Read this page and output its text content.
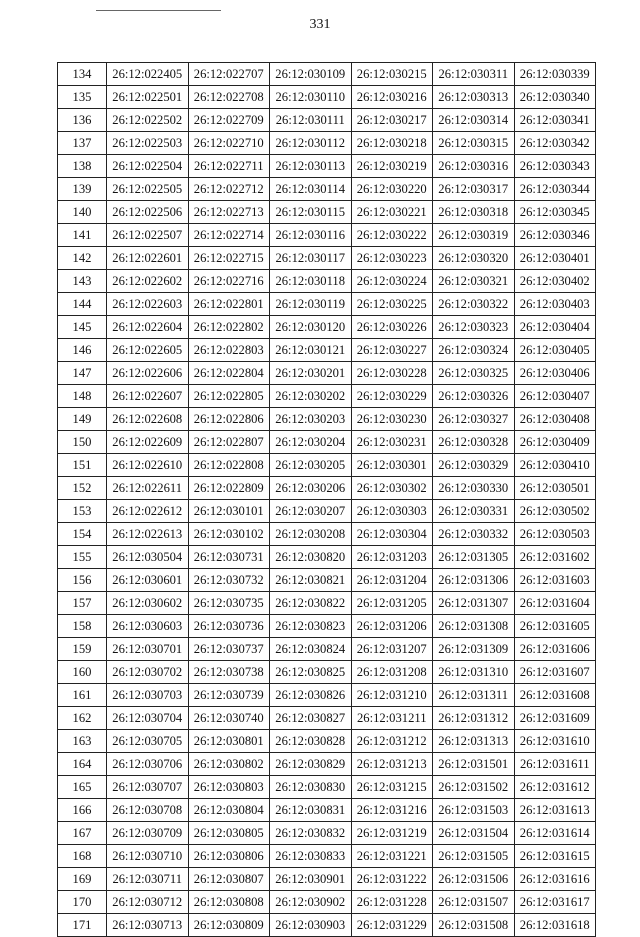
331
134	26:12:022405	26:12:022707	26:12:030109	26:12:030215	26:12:030311	26:12:030339
135	26:12:022501	26:12:022708	26:12:030110	26:12:030216	26:12:030313	26:12:030340
136	26:12:022502	26:12:022709	26:12:030111	26:12:030217	26:12:030314	26:12:030341
137	26:12:022503	26:12:022710	26:12:030112	26:12:030218	26:12:030315	26:12:030342
138	26:12:022504	26:12:022711	26:12:030113	26:12:030219	26:12:030316	26:12:030343
139	26:12:022505	26:12:022712	26:12:030114	26:12:030220	26:12:030317	26:12:030344
140	26:12:022506	26:12:022713	26:12:030115	26:12:030221	26:12:030318	26:12:030345
141	26:12:022507	26:12:022714	26:12:030116	26:12:030222	26:12:030319	26:12:030346
142	26:12:022601	26:12:022715	26:12:030117	26:12:030223	26:12:030320	26:12:030401
143	26:12:022602	26:12:022716	26:12:030118	26:12:030224	26:12:030321	26:12:030402
144	26:12:022603	26:12:022801	26:12:030119	26:12:030225	26:12:030322	26:12:030403
145	26:12:022604	26:12:022802	26:12:030120	26:12:030226	26:12:030323	26:12:030404
146	26:12:022605	26:12:022803	26:12:030121	26:12:030227	26:12:030324	26:12:030405
147	26:12:022606	26:12:022804	26:12:030201	26:12:030228	26:12:030325	26:12:030406
148	26:12:022607	26:12:022805	26:12:030202	26:12:030229	26:12:030326	26:12:030407
149	26:12:022608	26:12:022806	26:12:030203	26:12:030230	26:12:030327	26:12:030408
150	26:12:022609	26:12:022807	26:12:030204	26:12:030231	26:12:030328	26:12:030409
151	26:12:022610	26:12:022808	26:12:030205	26:12:030301	26:12:030329	26:12:030410
152	26:12:022611	26:12:022809	26:12:030206	26:12:030302	26:12:030330	26:12:030501
153	26:12:022612	26:12:030101	26:12:030207	26:12:030303	26:12:030331	26:12:030502
154	26:12:022613	26:12:030102	26:12:030208	26:12:030304	26:12:030332	26:12:030503
155	26:12:030504	26:12:030731	26:12:030820	26:12:031203	26:12:031305	26:12:031602
156	26:12:030601	26:12:030732	26:12:030821	26:12:031204	26:12:031306	26:12:031603
157	26:12:030602	26:12:030735	26:12:030822	26:12:031205	26:12:031307	26:12:031604
158	26:12:030603	26:12:030736	26:12:030823	26:12:031206	26:12:031308	26:12:031605
159	26:12:030701	26:12:030737	26:12:030824	26:12:031207	26:12:031309	26:12:031606
160	26:12:030702	26:12:030738	26:12:030825	26:12:031208	26:12:031310	26:12:031607
161	26:12:030703	26:12:030739	26:12:030826	26:12:031210	26:12:031311	26:12:031608
162	26:12:030704	26:12:030740	26:12:030827	26:12:031211	26:12:031312	26:12:031609
163	26:12:030705	26:12:030801	26:12:030828	26:12:031212	26:12:031313	26:12:031610
164	26:12:030706	26:12:030802	26:12:030829	26:12:031213	26:12:031501	26:12:031611
165	26:12:030707	26:12:030803	26:12:030830	26:12:031215	26:12:031502	26:12:031612
166	26:12:030708	26:12:030804	26:12:030831	26:12:031216	26:12:031503	26:12:031613
167	26:12:030709	26:12:030805	26:12:030832	26:12:031219	26:12:031504	26:12:031614
168	26:12:030710	26:12:030806	26:12:030833	26:12:031221	26:12:031505	26:12:031615
169	26:12:030711	26:12:030807	26:12:030901	26:12:031222	26:12:031506	26:12:031616
170	26:12:030712	26:12:030808	26:12:030902	26:12:031228	26:12:031507	26:12:031617
171	26:12:030713	26:12:030809	26:12:030903	26:12:031229	26:12:031508	26:12:031618
